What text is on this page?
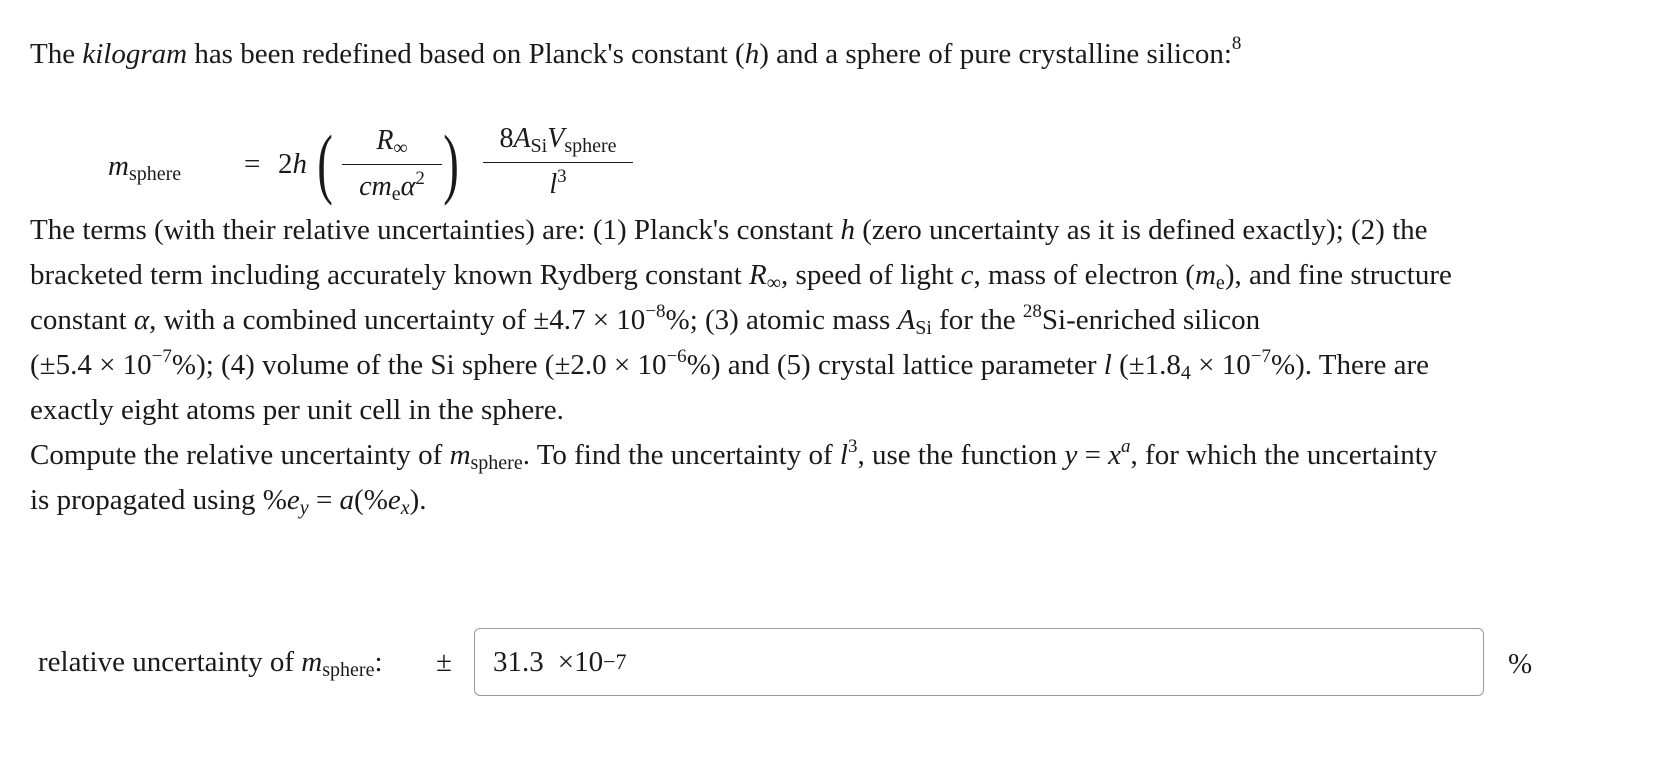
The kilogram has been redefined based on Planck's constant (h) and a sphere of pure crystalline silicon:$^8$
$m_{sphere} = 2h$ (	$R_\infty$
$cm_e\alpha^2$ )	$8A_{Si}V_{sphere}$
$l^3$

The terms (with their relative uncertainties) are: (1) Planck's constant h (zero uncertainty as it is defined exactly); (2) the

bracketed term including accurately known Rydberg constant $R_\infty$, speed of light c, mass of electron $(m_e)$, and fine structure

constant α, with a combined uncertainty of $\pm 4.7 \times 10^{-8}\%$; (3) atomic mass $A_{Si}$ for the $^{28}$Si-enriched silicon

$(\pm 5.4 \times 10^{-7}\%)$; (4) volume of the Si sphere $(\pm 2.0 \times 10^{-6}\%)$ and (5) crystal lattice parameter l $(\pm 1.8_4 \times 10^{-7}\%)$. There are

exactly eight atoms per unit cell in the sphere.

Compute the relative uncertainty of $m_{sphere}$. To find the uncertainty of $l^3$, use the function $y = x^a$, for which the uncertainty

is propagated using $\%e_y = a(\%e_x)$.

relative uncertainty of $m_{sphere}$: ± 31.3 ×10 −7	%
